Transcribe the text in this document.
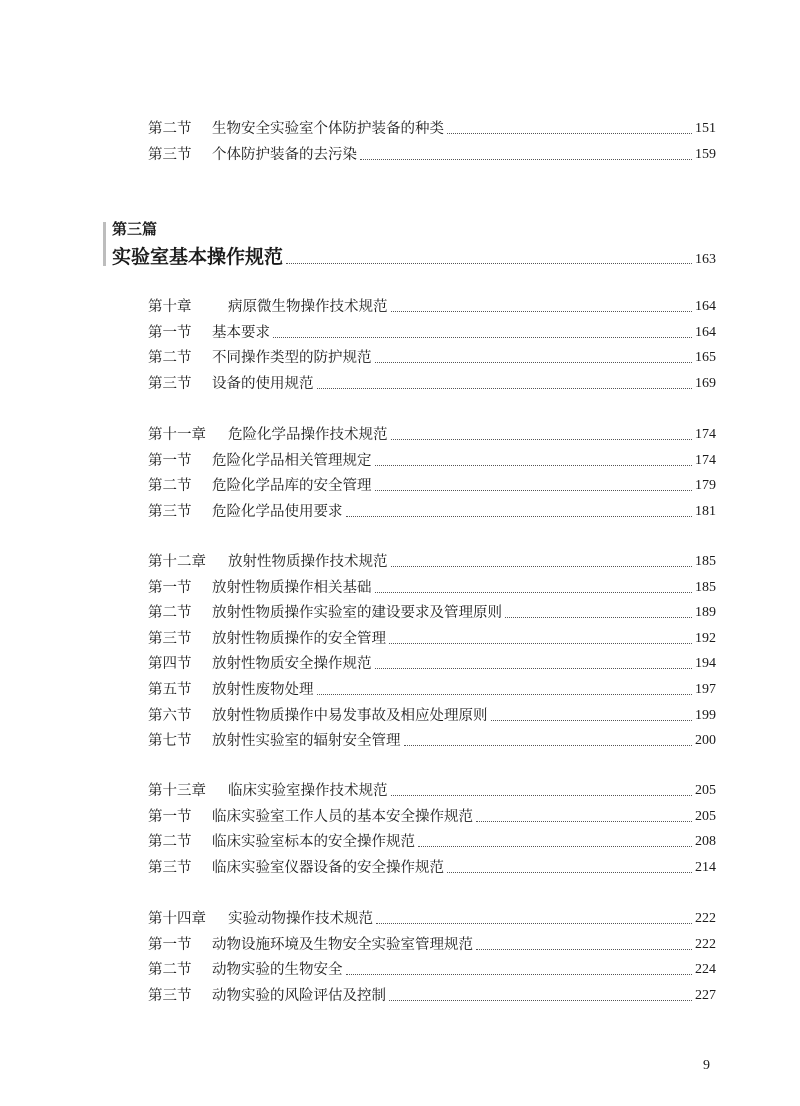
第二节 生物安全实验室个体防护装备的种类	151
第三节 个体防护装备的去污染	159
第三篇
实验室基本操作规范	163
第十章	病原微生物操作技术规范	164
第一节 基本要求	164
第二节 不同操作类型的防护规范	165
第三节 设备的使用规范	169
第十一章 危险化学品操作技术规范	174
第一节 危险化学品相关管理规定	174
第二节 危险化学品库的安全管理	179
第三节 危险化学品使用要求	181
第十二章 放射性物质操作技术规范	185
第一节 放射性物质操作相关基础	185
第二节 放射性物质操作实验室的建设要求及管理原则	189
第三节 放射性物质操作的安全管理	192
第四节 放射性物质安全操作规范	194
第五节 放射性废物处理	197
第六节 放射性物质操作中易发事故及相应处理原则	199
第七节 放射性实验室的辐射安全管理	200
第十三章 临床实验室操作技术规范	205
第一节 临床实验室工作人员的基本安全操作规范	205
第二节 临床实验室标本的安全操作规范	208
第三节 临床实验室仪器设备的安全操作规范	214
第十四章 实验动物操作技术规范	222
第一节 动物设施环境及生物安全实验室管理规范	222
第二节 动物实验的生物安全	224
第三节 动物实验的风险评估及控制	227
9
